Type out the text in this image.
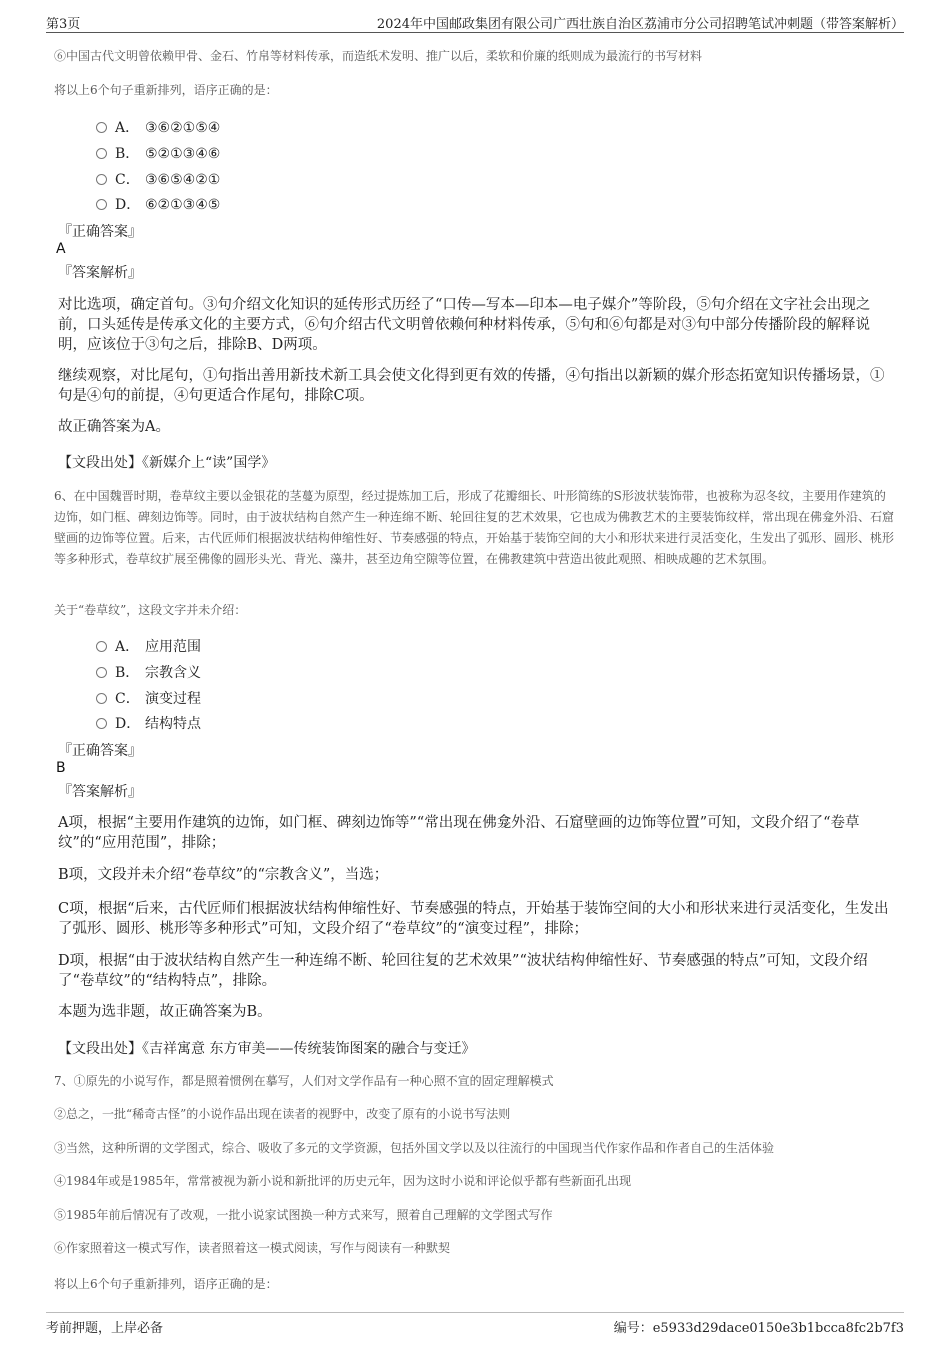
第3页	2024年中国邮政集团有限公司广西壮族自治区荔浦市分公司招聘笔试冲刺题（带答案解析）
⑥中国古代文明曾依赖甲骨、金石、竹帛等材料传承，而造纸术发明、推广以后，柔软和价廉的纸则成为最流行的书写材料
将以上6个句子重新排列，语序正确的是：
A． ③⑥②①⑤④
B． ⑤②①③④⑥
C． ③⑥⑤④②①
D． ⑥②①③④⑤
『正确答案』
A
『答案解析』
对比选项，确定首句。③句介绍文化知识的延传形式历经了“口传—写本—印本—电子媒介”等阶段，⑤句介绍在文字社会出现之前，口头延传是传承文化的主要方式，⑥句介绍古代文明曾依赖何种材料传承，⑤句和⑥句都是对③句中部分传播阶段的解释说明，应该位于③句之后，排除B、D两项。
继续观察，对比尾句，①句指出善用新技术新工具会使文化得到更有效的传播，④句指出以新颖的媒介形态拓宽知识传播场景，①句是④句的前提，④句更适合作尾句，排除C项。
故正确答案为A。
【文段出处】《新媒介上“读”国学》
6、在中国魏晋时期，卷草纹主要以金银花的茎蔓为原型，经过提炼加工后，形成了花瓣细长、叶形简练的S形波状装饰带，也被称为忍冬纹，主要用作建筑的边饰，如门框、碑刻边饰等。同时，由于波状结构自然产生一种连绵不断、轮回往复的艺术效果，它也成为佛教艺术的主要装饰纹样，常出现在佛龛外沿、石窟壁画的边饰等位置。后来，古代匠师们根据波状结构伸缩性好、节奏感强的特点，开始基于装饰空间的大小和形状来进行灵活变化，生发出了弧形、圆形、桃形等多种形式，卷草纹扩展至佛像的圆形头光、背光、藻井，甚至边角空隙等位置，在佛教建筑中营造出彼此观照、相映成趣的艺术氛围。
关于“卷草纹”，这段文字并未介绍：
A． 应用范围
B． 宗教含义
C． 演变过程
D． 结构特点
『正确答案』
B
『答案解析』
A项，根据“主要用作建筑的边饰，如门框、碑刻边饰等”“常出现在佛龛外沿、石窟壁画的边饰等位置”可知，文段介绍了“卷草纹”的“应用范围”，排除；
B项，文段并未介绍“卷草纹”的“宗教含义”，当选；
C项，根据“后来，古代匠师们根据波状结构伸缩性好、节奏感强的特点，开始基于装饰空间的大小和形状来进行灵活变化，生发出了弧形、圆形、桃形等多种形式”可知，文段介绍了“卷草纹”的“演变过程”，排除；
D项，根据“由于波状结构自然产生一种连绵不断、轮回往复的艺术效果”“波状结构伸缩性好、节奏感强的特点”可知，文段介绍了“卷草纹”的“结构特点”，排除。
本题为选非题，故正确答案为B。
【文段出处】《吉祥寓意 东方审美——传统装饰图案的融合与变迁》
7、①原先的小说写作，都是照着惯例在摹写，人们对文学作品有一种心照不宣的固定理解模式
②总之，一批“稀奇古怪”的小说作品出现在读者的视野中，改变了原有的小说书写法则
③当然，这种所谓的文学图式，综合、吸收了多元的文学资源，包括外国文学以及以往流行的中国现当代作家作品和作者自己的生活体验
④1984年或是1985年，常常被视为新小说和新批评的历史元年，因为这时小说和评论似乎都有些新面孔出现
⑤1985年前后情况有了改观，一批小说家试图换一种方式来写，照着自己理解的文学图式写作
⑥作家照着这一模式写作，读者照着这一模式阅读，写作与阅读有一种默契
将以上6个句子重新排列，语序正确的是：
考前押题，上岸必备	编号：e5933d29dace0150e3b1bcca8fc2b7f3
